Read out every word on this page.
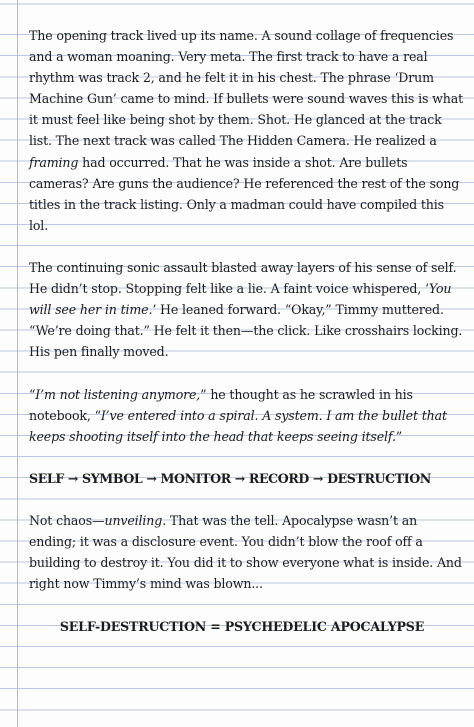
The opening track lived up its name. A sound collage of frequencies and a woman moaning. Very meta. The first track to have a real rhythm was track 2, and he felt it in his chest. The phrase ‘Drum Machine Gun’ came to mind. If bullets were sound waves this is what it must feel like being shot by them. Shot. He glanced at the track list. The next track was called The Hidden Camera. He realized a framing had occurred. That he was inside a shot. Are bullets cameras? Are guns the audience? He referenced the rest of the song titles in the track listing. Only a madman could have compiled this lol.

The continuing sonic assault blasted away layers of his sense of self. He didn’t stop. Stopping felt like a lie. A faint voice whispered, ‘You will see her in time.’ He leaned forward. “Okay,” Timmy muttered. “We’re doing that.” He felt it then—the click. Like crosshairs locking. His pen finally moved.

“I’m not listening anymore,” he thought as he scrawled in his notebook, “I’ve entered into a spiral. A system. I am the bullet that keeps shooting itself into the head that keeps seeing itself.”

SELF → SYMBOL → MONITOR → RECORD → DESTRUCTION

Not chaos—unveiling. That was the tell. Apocalypse wasn’t an ending; it was a disclosure event. You didn’t blow the roof off a building to destroy it. You did it to show everyone what is inside. And right now Timmy’s mind was blown...

SELF-DESTRUCTION = PSYCHEDELIC APOCALYPSE
